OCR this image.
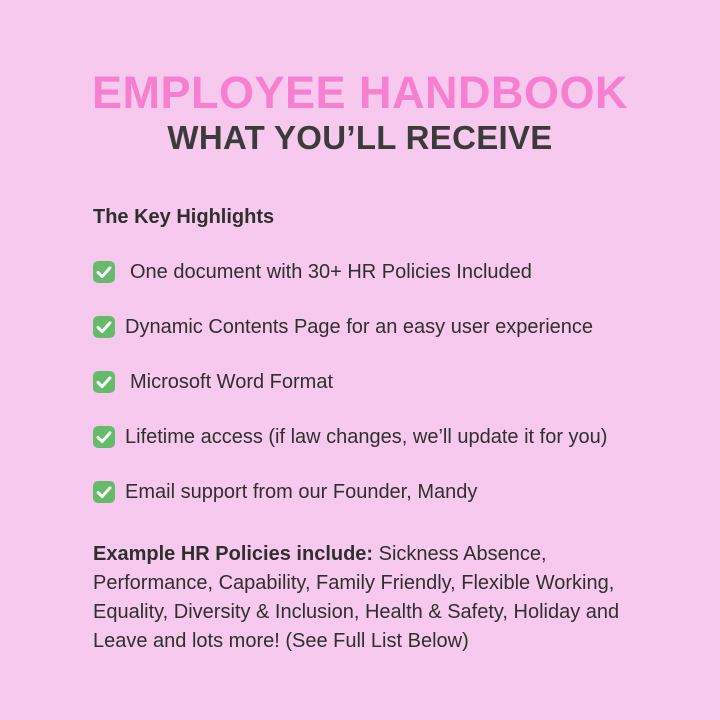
EMPLOYEE HANDBOOK
WHAT YOU’LL RECEIVE
The Key Highlights
One document with 30+ HR Policies Included
Dynamic Contents Page for an easy user experience
Microsoft Word Format
Lifetime access (if law changes, we’ll update it for you)
Email support from our Founder, Mandy

Example HR Policies include: Sickness Absence, Performance, Capability, Family Friendly, Flexible Working, Equality, Diversity & Inclusion, Health & Safety, Holiday and Leave and lots more! (See Full List Below)
